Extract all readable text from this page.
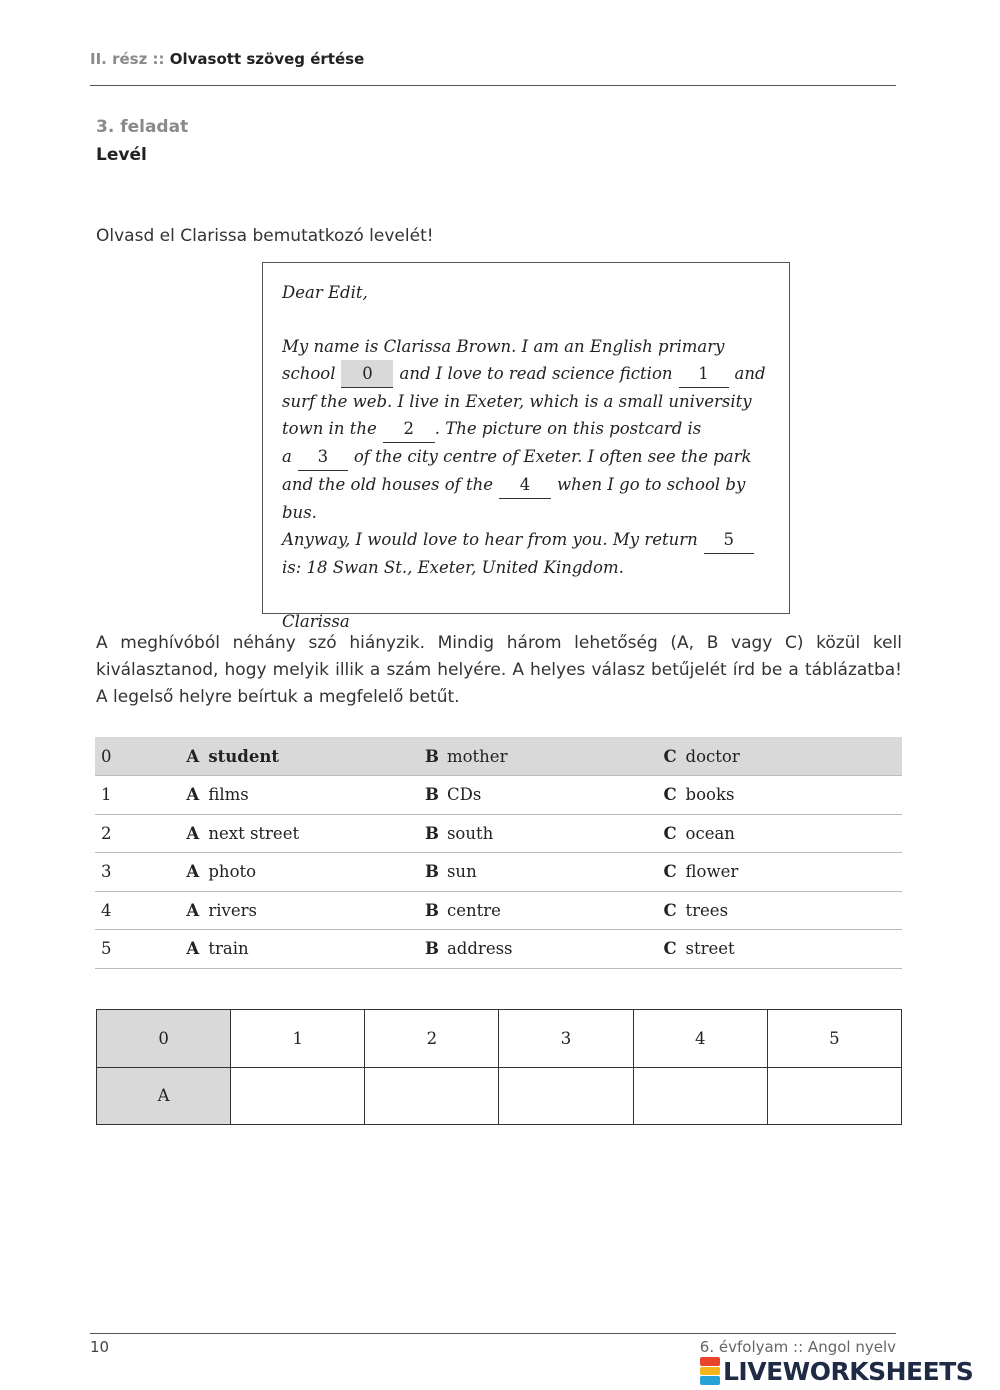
II. rész :: Olvasott szöveg értése
3. feladat
Levél
Olvasd el Clarissa bemutatkozó levelét!

Dear Edit,

My name is Clarissa Brown. I am an English primary

school 0 and I love to read science fiction 1 and

surf the web. I live in Exeter, which is a small university

town in the 2 . The picture on this postcard is

a 3 of the city centre of Exeter. I often see the park

and the old houses of the 4 when I go to school by bus.

Anyway, I would love to hear from you. My return 5

is: 18 Swan St., Exeter, United Kingdom.

Clarissa

A meghívóból néhány szó hiányzik. Mindig három lehetőség (A, B vagy C) közül kell kiválasztanod, hogy melyik illik a szám helyére. A helyes válasz betűjelét írd be a táblázatba! A legelső helyre beírtuk a megfelelő betűt.
0	A student	B mother	C doctor
1	A films	B CDs	C books
2	A next street	B south	C ocean
3	A photo	B sun	C flower
4	A rivers	B centre	C trees
5	A train	B address	C street
0	1	2	3	4	5
A					
10	6. évfolyam :: Angol nyelv
LIVEWORKSHEETS
